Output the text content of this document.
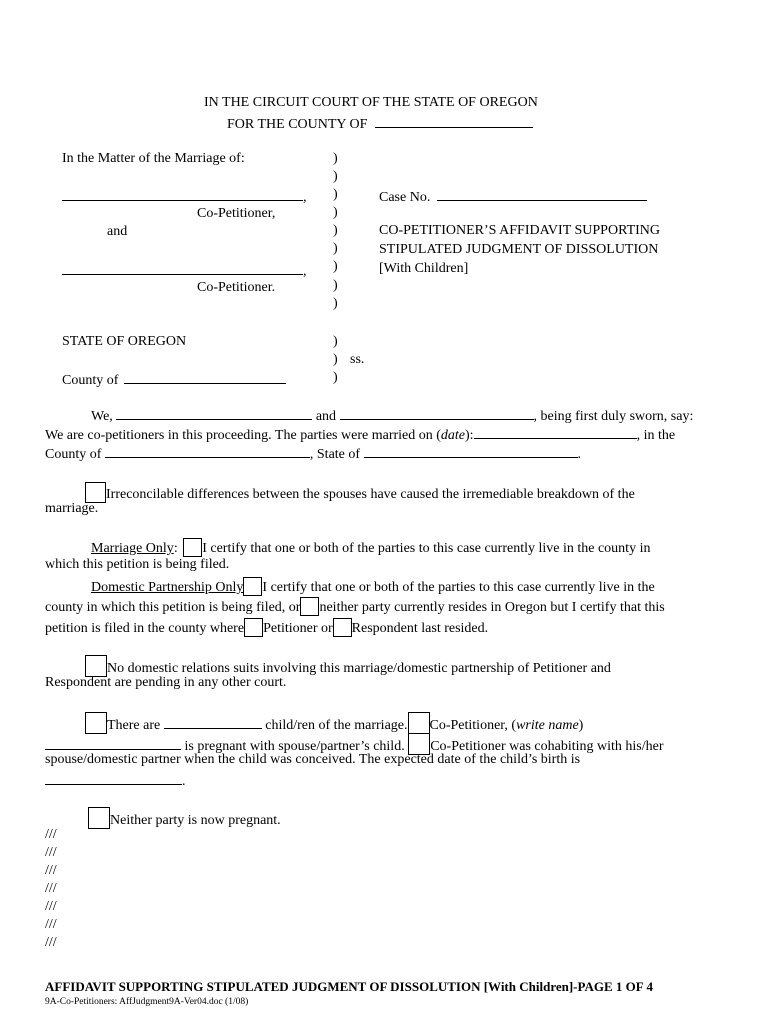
IN THE CIRCUIT COURT OF THE STATE OF OREGON
FOR THE COUNTY OF
In the Matter of the Marriage of:
,
Co-Petitioner,
and
,
Co-Petitioner.
)
)
)
)
)
)
)
)
)
Case No.
CO-PETITIONER’S AFFIDAVIT SUPPORTING
STIPULATED JUDGMENT OF DISSOLUTION
[With Children]
STATE OF OREGON
County of
)
)
)
ss.
We,	and	, being first duly sworn, say:
We are co-petitioners in this proceeding. The parties were married on (date):	, in the
County of	, State of	.
Irreconcilable differences between the spouses have caused the irremediable breakdown of the
marriage.
Marriage Only: I certify that one or both of the parties to this case currently live in the county in
which this petition is being filed.
Domestic Partnership Only I certify that one or both of the parties to this case currently live in the
county in which this petition is being filed, or neither party currently resides in Oregon but I certify that this
petition is filed in the county where Petitioner or Respondent last resided.
No domestic relations suits involving this marriage/domestic partnership of Petitioner and
Respondent are pending in any other court.
There are	child/ren of the marriage. Co-Petitioner, (write name)
is pregnant with spouse/partner’s child. Co-Petitioner was cohabiting with his/her
spouse/domestic partner when the child was conceived. The expected date of the child’s birth is
.
Neither party is now pregnant.
///
///
///
///
///
///
///
AFFIDAVIT SUPPORTING STIPULATED JUDGMENT OF DISSOLUTION [With Children]-PAGE 1 OF 4
9A-Co-Petitioners: AffJudgment9A-Ver04.doc (1/08)
